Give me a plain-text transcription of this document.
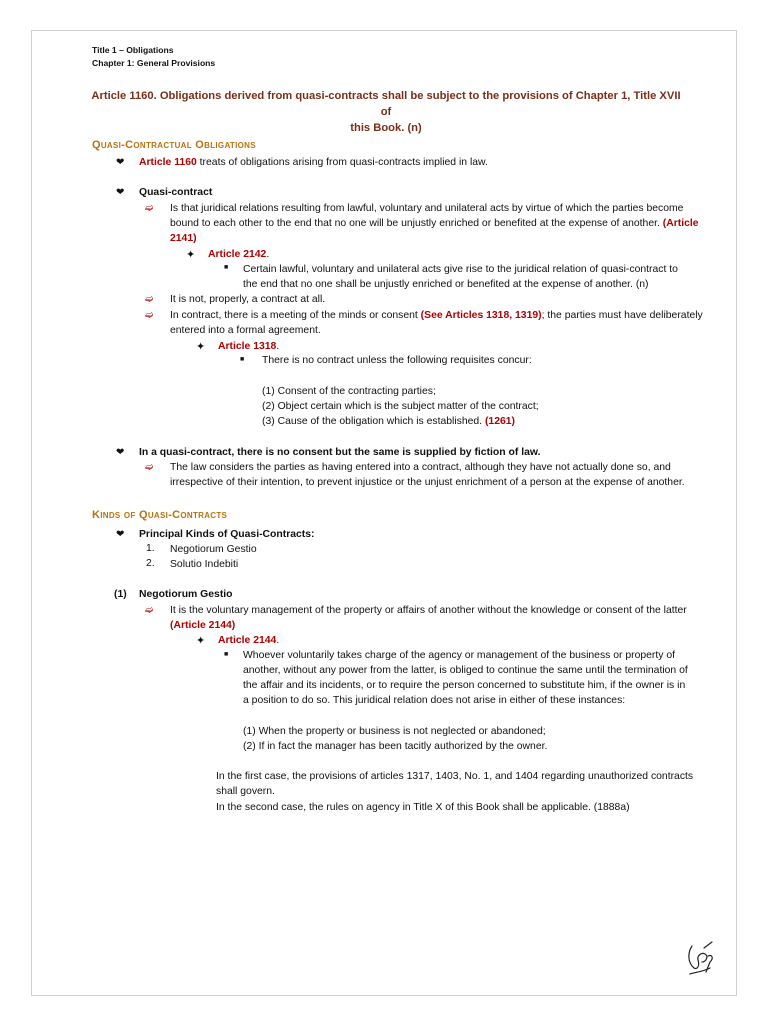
Title 1 – Obligations
Chapter 1: General Provisions
Article 1160. Obligations derived from quasi-contracts shall be subject to the provisions of Chapter 1, Title XVII of
this Book. (n)
Quasi-Contractual Obligations
❤ Article 1160 treats of obligations arising from quasi-contracts implied in law.
❤ Quasi-contract
➫ Is that juridical relations resulting from lawful, voluntary and unilateral acts by virtue of which the parties become
bound to each other to the end that no one will be unjustly enriched or benefited at the expense of another. (Article
2141)
✦ Article 2142.
■ Certain lawful, voluntary and unilateral acts give rise to the juridical relation of quasi-contract to
the end that no one shall be unjustly enriched or benefited at the expense of another. (n)
➫ It is not, properly, a contract at all.
➫ In contract, there is a meeting of the minds or consent (See Articles 1318, 1319); the parties must have deliberately
entered into a formal agreement.
✦ Article 1318.
■ There is no contract unless the following requisites concur:
(1) Consent of the contracting parties;
(2) Object certain which is the subject matter of the contract;
(3) Cause of the obligation which is established. (1261)
❤ In a quasi-contract, there is no consent but the same is supplied by fiction of law.
➫ The law considers the parties as having entered into a contract, although they have not actually done so, and
irrespective of their intention, to prevent injustice or the unjust enrichment of a person at the expense of another.
Kinds of Quasi-Contracts
❤ Principal Kinds of Quasi-Contracts:
1. Negotiorum Gestio
2. Solutio Indebiti
(1) Negotiorum Gestio
➫ It is the voluntary management of the property or affairs of another without the knowledge or consent of the latter
(Article 2144)
✦ Article 2144.
■ Whoever voluntarily takes charge of the agency or management of the business or property of
another, without any power from the latter, is obliged to continue the same until the termination of
the affair and its incidents, or to require the person concerned to substitute him, if the owner is in
a position to do so. This juridical relation does not arise in either of these instances:
(1) When the property or business is not neglected or abandoned;
(2) If in fact the manager has been tacitly authorized by the owner.
In the first case, the provisions of articles 1317, 1403, No. 1, and 1404 regarding unauthorized contracts
shall govern.
In the second case, the rules on agency in Title X of this Book shall be applicable. (1888a)
